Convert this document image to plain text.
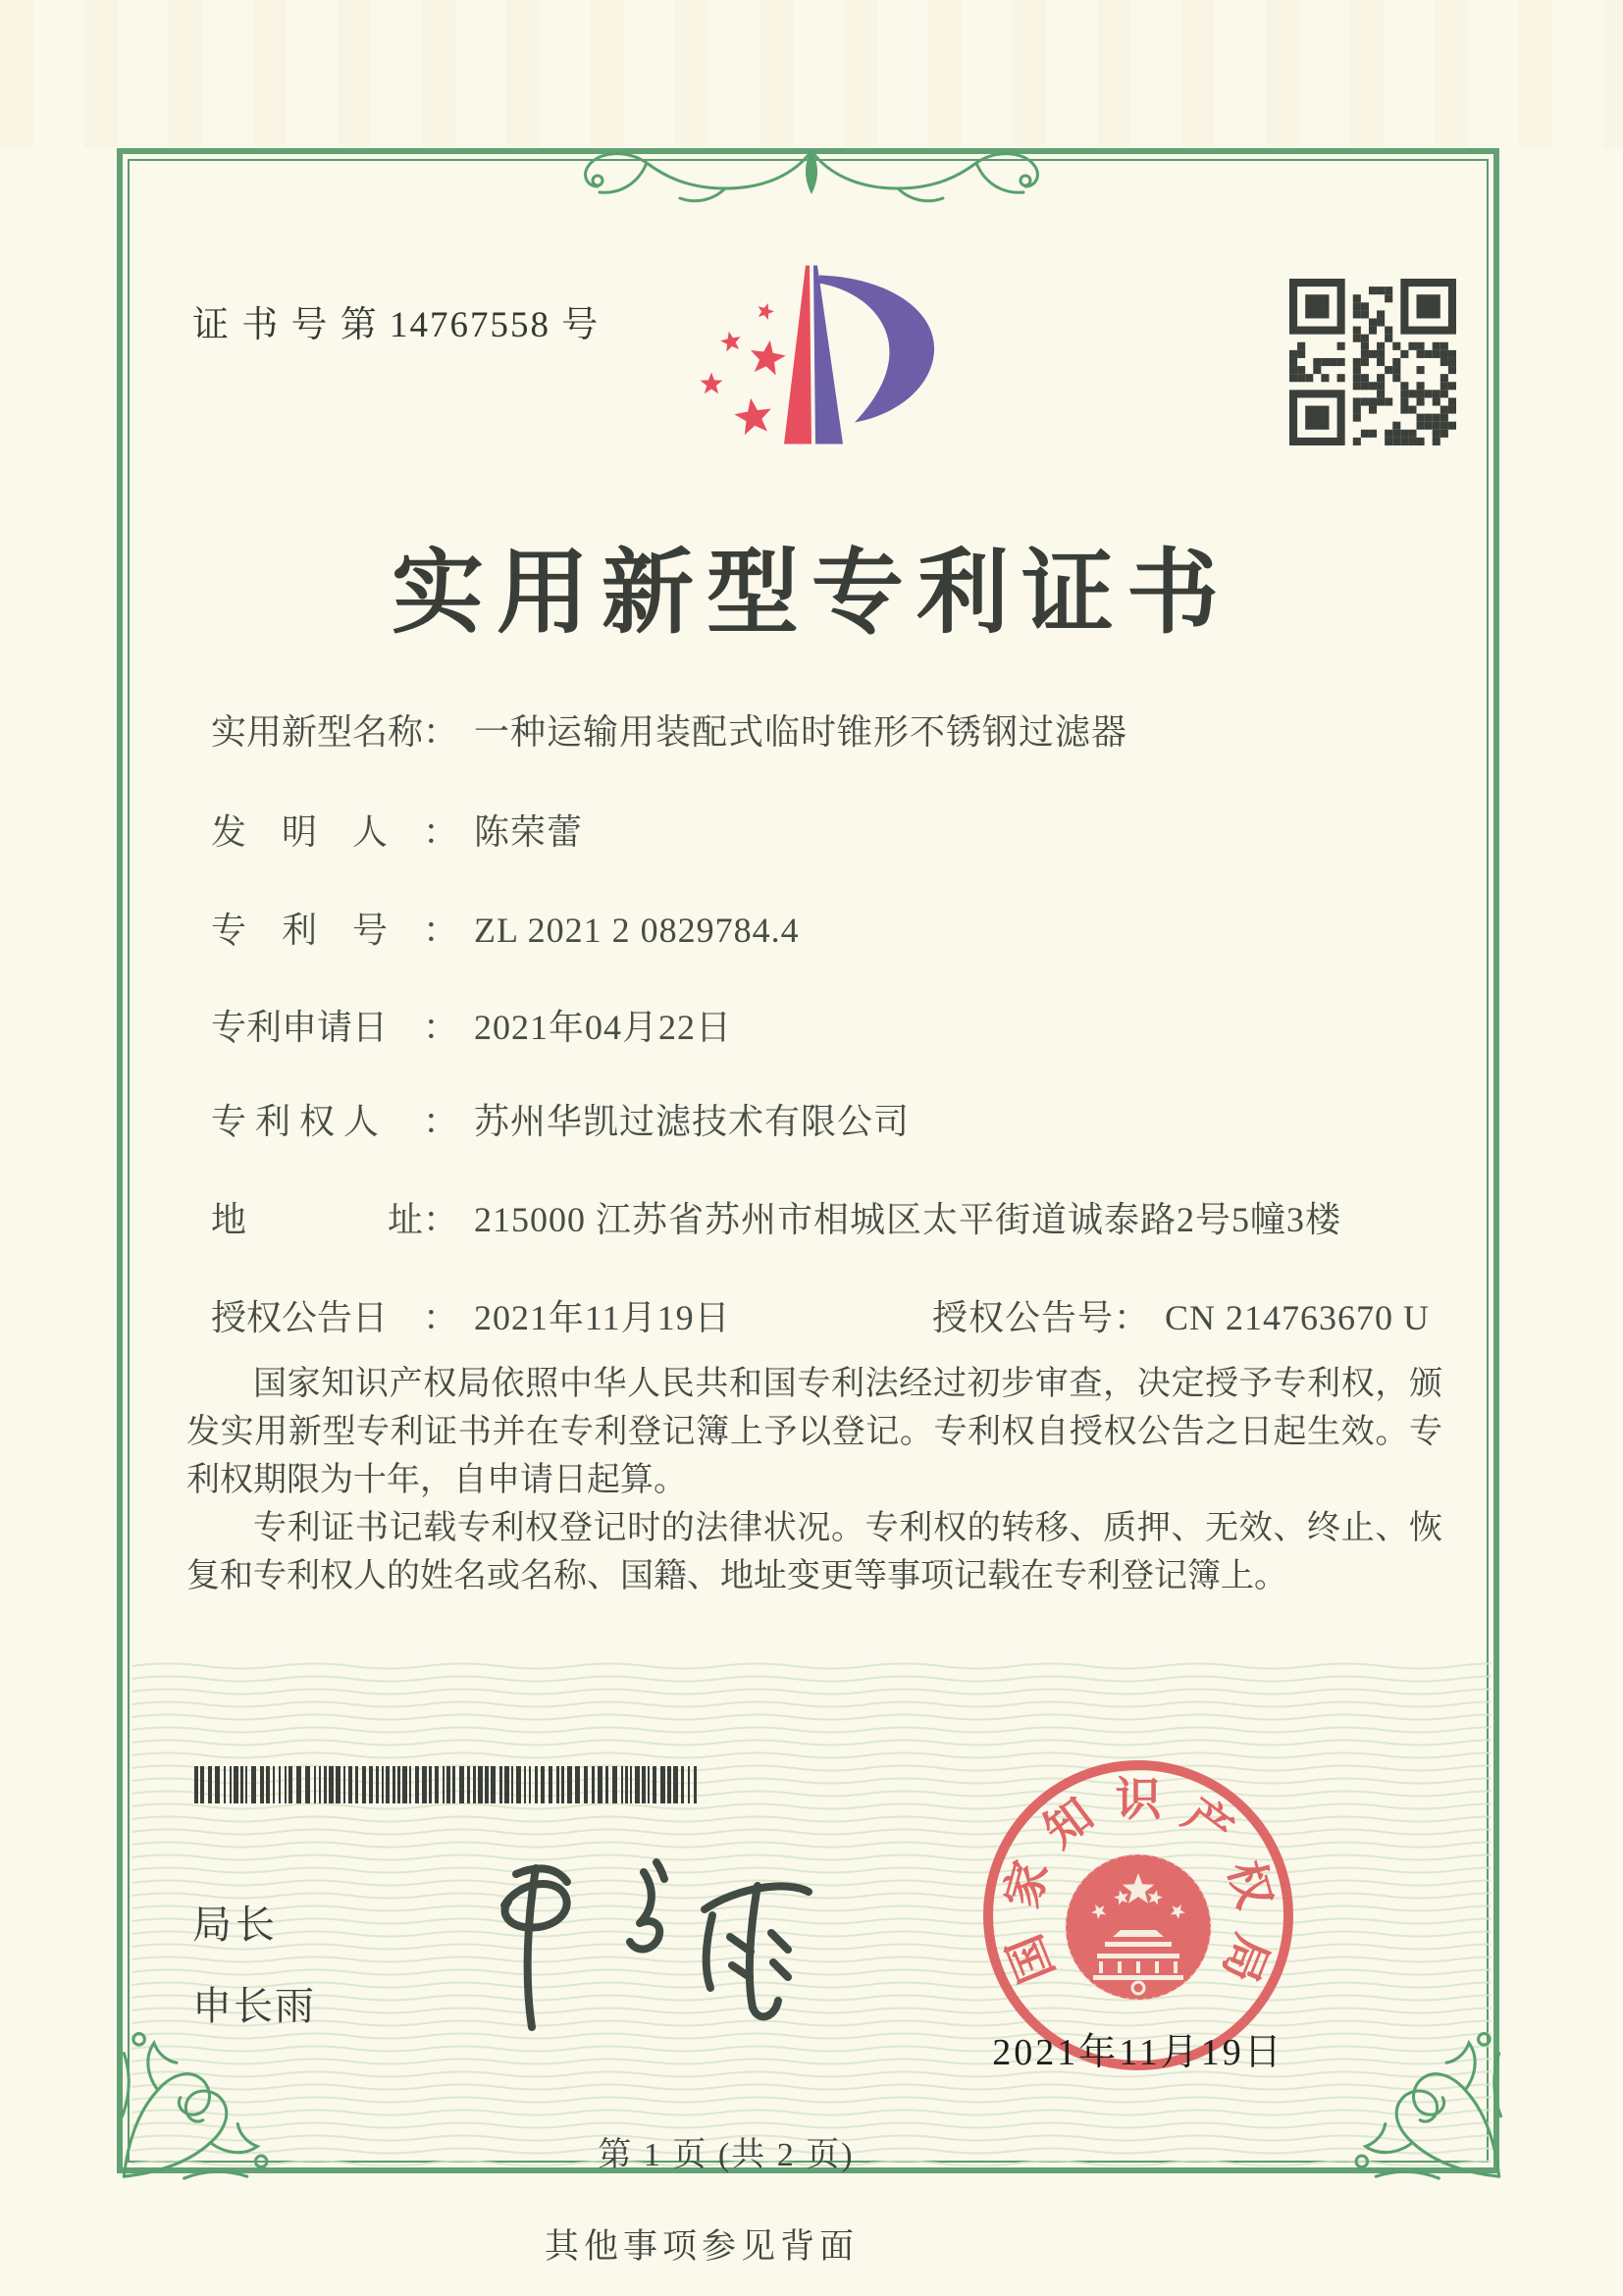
证 书 号 第 14767558 号
实用新型专利证书
实用新型名称： 一种运输用装配式临时锥形不锈钢过滤器
发　明　人 ： 陈荣蕾
专　利　号 ： ZL 2021 2 0829784.4
专利申请日 ： 2021年04月22日
专 利 权 人 ： 苏州华凯过滤技术有限公司
地　　　　址： 215000 江苏省苏州市相城区太平街道诚泰路2号5幢3楼
授权公告日 ： 2021年11月19日	授权公告号： CN 214763670 U

国家知识产权局依照中华人民共和国专利法经过初步审查，决定授予专利权，颁发实用新型专利证书并在专利登记簿上予以登记。专利权自授权公告之日起生效。专利权期限为十年，自申请日起算。

专利证书记载专利权登记时的法律状况。专利权的转移、质押、无效、终止、恢复和专利权人的姓名或名称、国籍、地址变更等事项记载在专利登记簿上。

局长
申长雨
国
家
知 识 产
权
局
2021年11月19日
第 1 页 (共 2 页)
其他事项参见背面
